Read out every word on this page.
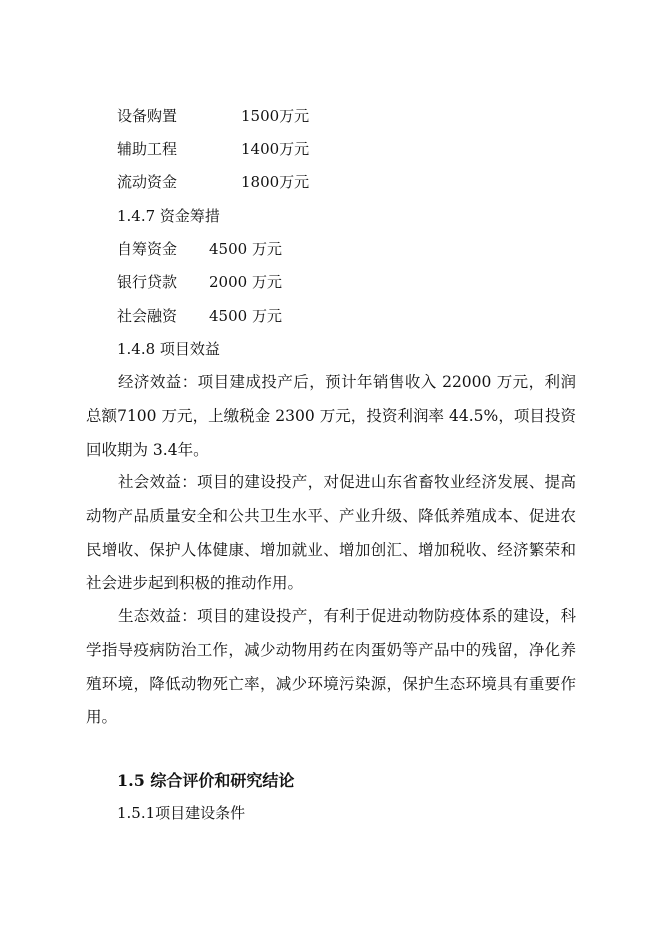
设备购置	1500万元
辅助工程	1400万元
流动资金	1800万元
1.4.7 资金筹措
自筹资金 4500 万元
银行贷款 2000 万元
社会融资 4500 万元
1.4.8 项目效益
经济效益：项目建成投产后，预计年销售收入 22000 万元，利润总额7100 万元，上缴税金 2300 万元，投资利润率 44.5%，项目投资回收期为 3.4年。
社会效益：项目的建设投产，对促进山东省畜牧业经济发展、提高动物产品质量安全和公共卫生水平、产业升级、降低养殖成本、促进农民增收、保护人体健康、增加就业、增加创汇、增加税收、经济繁荣和社会进步起到积极的推动作用。
生态效益：项目的建设投产，有利于促进动物防疫体系的建设，科学指导疫病防治工作，减少动物用药在肉蛋奶等产品中的残留，净化养殖环境，降低动物死亡率，减少环境污染源，保护生态环境具有重要作用。
1.5 综合评价和研究结论
1.5.1项目建设条件
